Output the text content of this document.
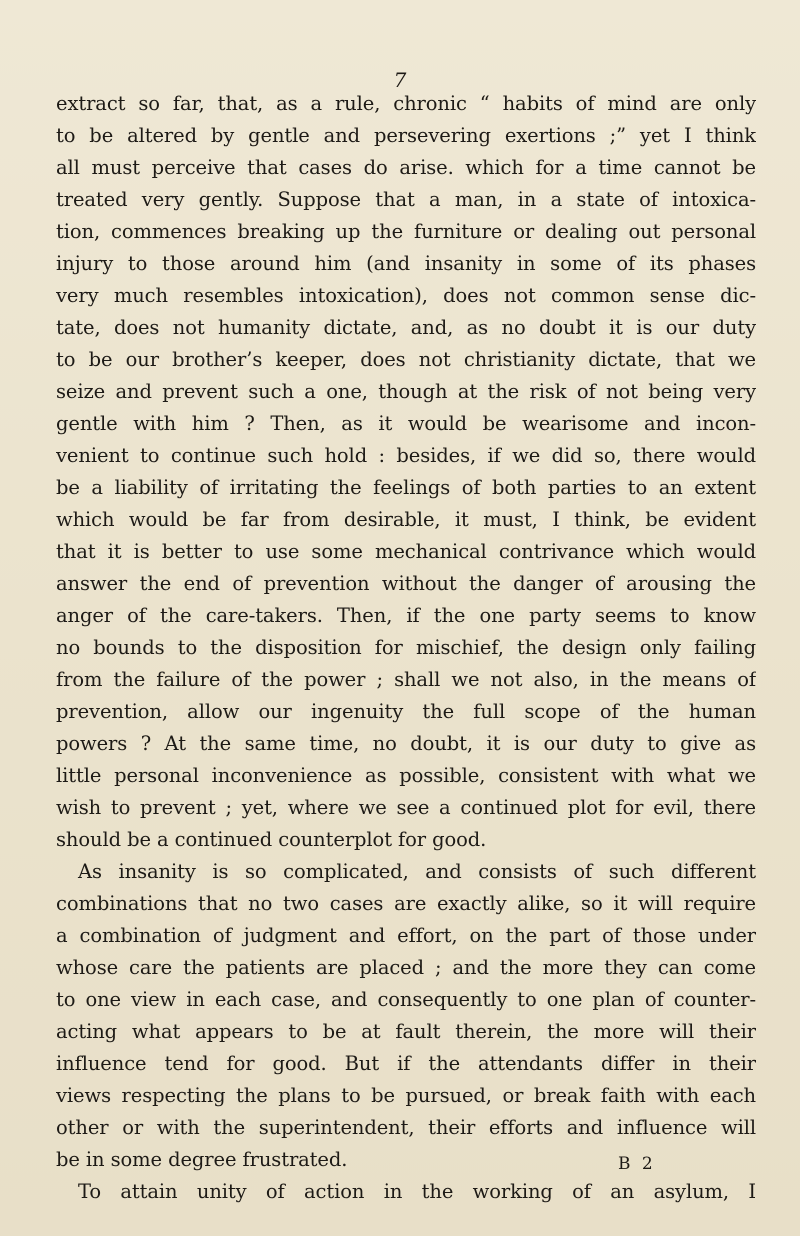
7
extract so far, that, as a rule, chronic “ habits of mind are only
to be altered by gentle and persevering exertions ;” yet I think
all must perceive that cases do arise. which for a time cannot be
treated very gently. Suppose that a man, in a state of intoxica-
tion, commences breaking up the furniture or dealing out personal
injury to those around him (and insanity in some of its phases
very much resembles intoxication), does not common sense dic-
tate, does not humanity dictate, and, as no doubt it is our duty
to be our brother’s keeper, does not christianity dictate, that we
seize and prevent such a one, though at the risk of not being very
gentle with him ? Then, as it would be wearisome and incon-
venient to continue such hold : besides, if we did so, there would
be a liability of irritating the feelings of both parties to an extent
which would be far from desirable, it must, I think, be evident
that it is better to use some mechanical contrivance which would
answer the end of prevention without the danger of arousing the
anger of the care-takers. Then, if the one party seems to know
no bounds to the disposition for mischief, the design only failing
from the failure of the power ; shall we not also, in the means of
prevention, allow our ingenuity the full scope of the human
powers ? At the same time, no doubt, it is our duty to give as
little personal inconvenience as possible, consistent with what we
wish to prevent ; yet, where we see a continued plot for evil, there
should be a continued counterplot for good.
As insanity is so complicated, and consists of such different
combinations that no two cases are exactly alike, so it will require
a combination of judgment and effort, on the part of those under
whose care the patients are placed ; and the more they can come
to one view in each case, and consequently to one plan of counter-
acting what appears to be at fault therein, the more will their
influence tend for good. But if the attendants differ in their
views respecting the plans to be pursued, or break faith with each
other or with the superintendent, their efforts and influence will
be in some degree frustrated.
To attain unity of action in the working of an asylum, I
B 2
